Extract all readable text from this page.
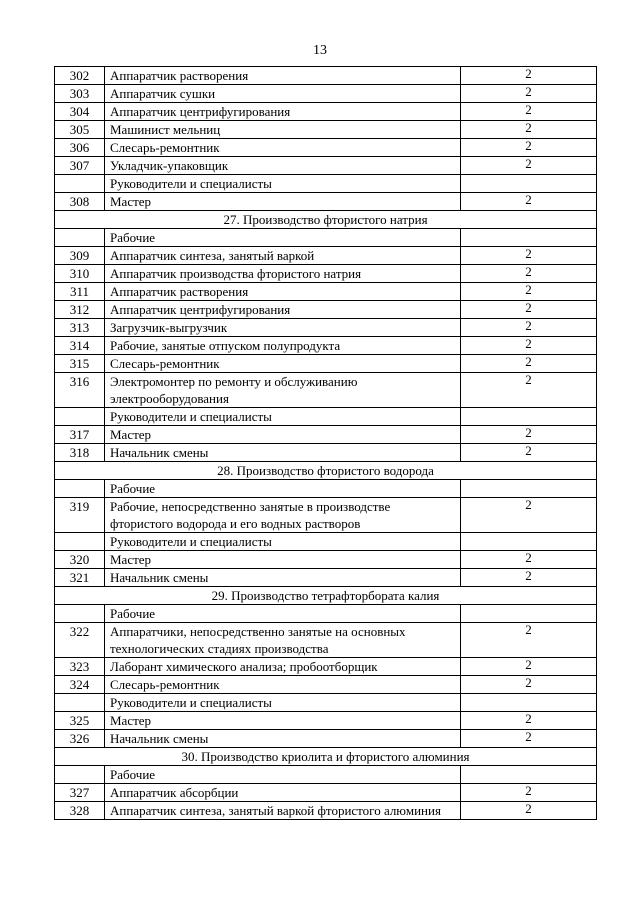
13
302	Аппаратчик растворения	2
303	Аппаратчик сушки	2
304	Аппаратчик центрифугирования	2
305	Машинист мельниц	2
306	Слесарь-ремонтник	2
307	Укладчик-упаковщик	2
	Руководители и специалисты	
308	Мастер	2
27. Производство фтористого натрия		
	Рабочие	
309	Аппаратчик синтеза, занятый варкой	2
310	Аппаратчик производства фтористого натрия	2
311	Аппаратчик растворения	2
312	Аппаратчик центрифугирования	2
313	Загрузчик-выгрузчик	2
314	Рабочие, занятые отпуском полупродукта	2
315	Слесарь-ремонтник	2
316	Электромонтер по ремонту и обслуживанию электрооборудования	2
	Руководители и специалисты	
317	Мастер	2
318	Начальник смены	2
28. Производство фтористого водорода		
	Рабочие	
319	Рабочие, непосредственно занятые в производстве фтористого водорода и его водных растворов	2
	Руководители и специалисты	
320	Мастер	2
321	Начальник смены	2
29. Производство тетрафторбората калия		
	Рабочие	
322	Аппаратчики, непосредственно занятые на основных технологических стадиях производства	2
323	Лаборант химического анализа; пробоотборщик	2
324	Слесарь-ремонтник	2
	Руководители и специалисты	
325	Мастер	2
326	Начальник смены	2
30. Производство криолита и фтористого алюминия		
	Рабочие	
327	Аппаратчик абсорбции	2
328	Аппаратчик синтеза, занятый варкой фтористого алюминия	2
